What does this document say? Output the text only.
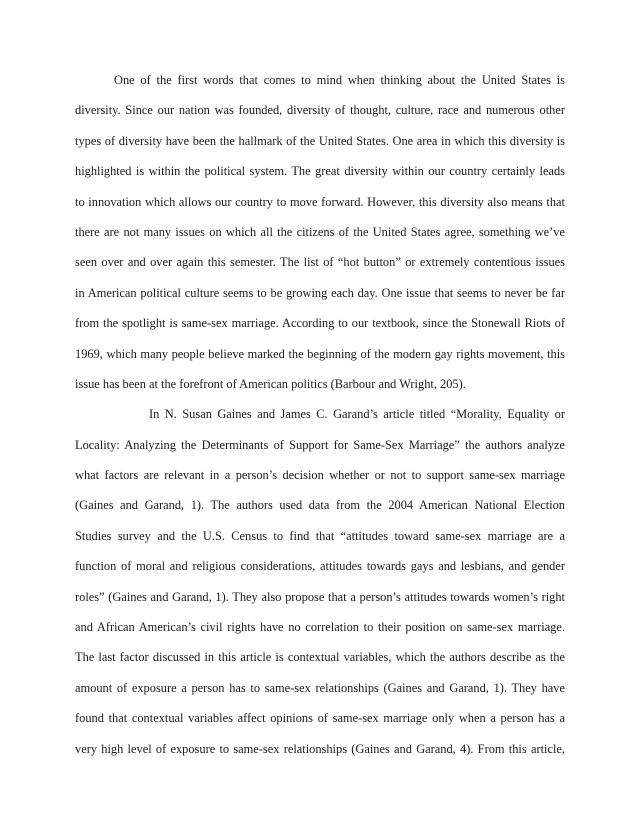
One of the first words that comes to mind when thinking about the United States is
diversity. Since our nation was founded, diversity of thought, culture, race and numerous other
types of diversity have been the hallmark of the United States. One area in which this diversity is
highlighted is within the political system. The great diversity within our country certainly leads
to innovation which allows our country to move forward. However, this diversity also means that
there are not many issues on which all the citizens of the United States agree, something we’ve
seen over and over again this semester. The list of “hot button” or extremely contentious issues
in American political culture seems to be growing each day. One issue that seems to never be far
from the spotlight is same-sex marriage. According to our textbook, since the Stonewall Riots of
1969, which many people believe marked the beginning of the modern gay rights movement, this
issue has been at the forefront of American politics (Barbour and Wright, 205).
In N. Susan Gaines and James C. Garand’s article titled “Morality, Equality or
Locality: Analyzing the Determinants of Support for Same-Sex Marriage” the authors analyze
what factors are relevant in a person’s decision whether or not to support same-sex marriage
(Gaines and Garand, 1). The authors used data from the 2004 American National Election
Studies survey and the U.S. Census to find that “attitudes toward same-sex marriage are a
function of moral and religious considerations, attitudes towards gays and lesbians, and gender
roles” (Gaines and Garand, 1). They also propose that a person’s attitudes towards women’s right
and African American’s civil rights have no correlation to their position on same-sex marriage.
The last factor discussed in this article is contextual variables, which the authors describe as the
amount of exposure a person has to same-sex relationships (Gaines and Garand, 1). They have
found that contextual variables affect opinions of same-sex marriage only when a person has a
very high level of exposure to same-sex relationships (Gaines and Garand, 4). From this article,
